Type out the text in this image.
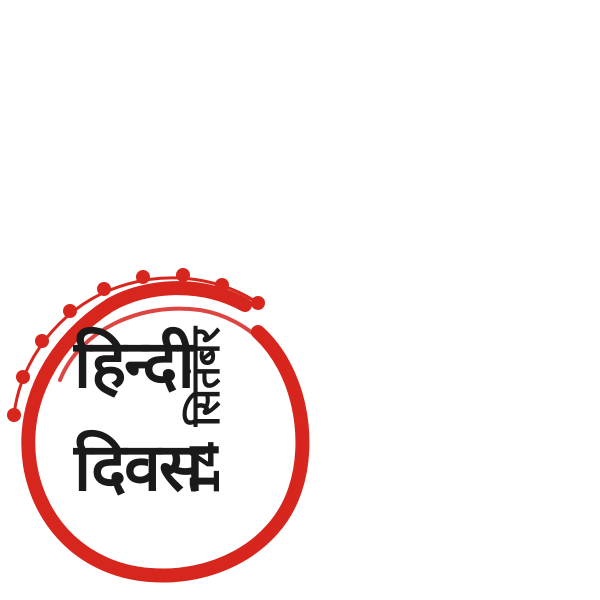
हिन्दी
दिवस
14 सितंबर
